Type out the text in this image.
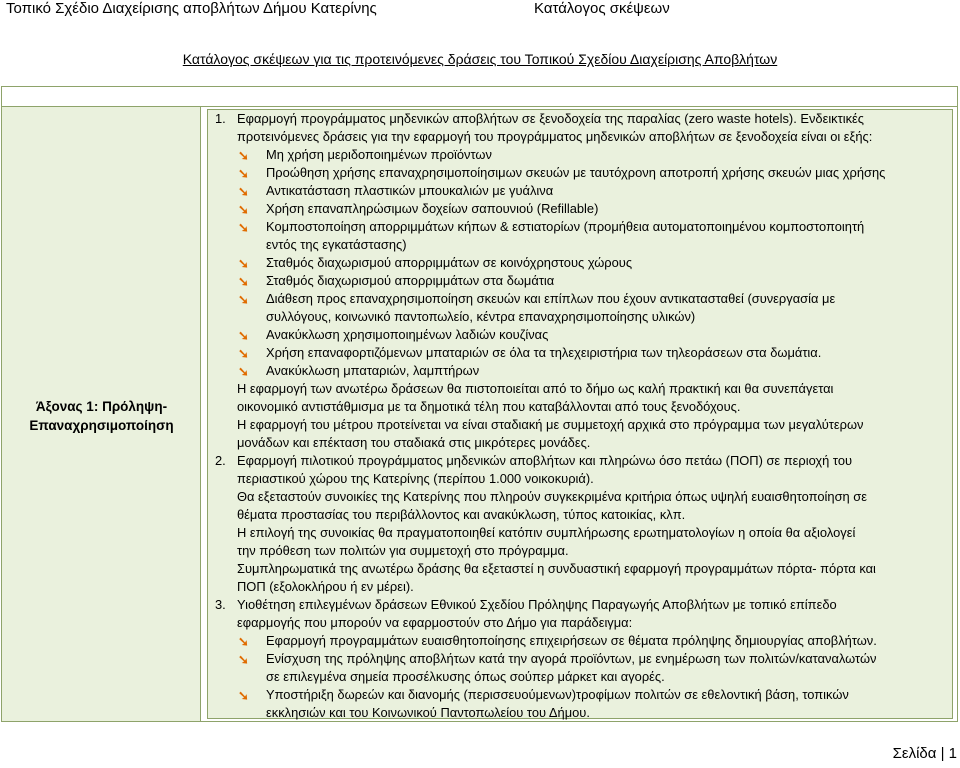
Τοπικό Σχέδιο Διαχείρισης αποβλήτων Δήμου Κατερίνης	Κατάλογος σκέψεων
Κατάλογος σκέψεων για τις προτεινόμενες δράσεις του Τοπικού Σχεδίου Διαχείρισης Αποβλήτων
Άξονας 1: Πρόληψη-
Επαναχρησιμοποίηση
1. Εφαρμογή προγράμματος μηδενικών αποβλήτων σε ξενοδοχεία της παραλίας (zero waste hotels). Ενδεικτικές
προτεινόμενες δράσεις για την εφαρμογή του προγράμματος μηδενικών αποβλήτων σε ξενοδοχεία είναι οι εξής:
➘ Μη χρήση μεριδοποιημένων προϊόντων
➘ Προώθηση χρήσης επαναχρησιμοποίησιμων σκευών με ταυτόχρονη αποτροπή χρήσης σκευών μιας χρήσης
➘ Αντικατάσταση πλαστικών μπουκαλιών με γυάλινα
➘ Χρήση επαναπληρώσιμων δοχείων σαπουνιού (Refillable)
➘ Κομποστοποίηση απορριμμάτων κήπων & εστιατορίων (προμήθεια αυτοματοποιημένου κομποστοποιητή
εντός της εγκατάστασης)
➘ Σταθμός διαχωρισμού απορριμμάτων σε κοινόχρηστους χώρους
➘ Σταθμός διαχωρισμού απορριμμάτων στα δωμάτια
➘ Διάθεση προς επαναχρησιμοποίηση σκευών και επίπλων που έχουν αντικατασταθεί (συνεργασία με
συλλόγους, κοινωνικό παντοπωλείο, κέντρα επαναχρησιμοποίησης υλικών)
➘ Ανακύκλωση χρησιμοποιημένων λαδιών κουζίνας
➘ Χρήση επαναφορτιζόμενων μπαταριών σε όλα τα τηλεχειριστήρια των τηλεοράσεων στα δωμάτια.
➘ Ανακύκλωση μπαταριών, λαμπτήρων
Η εφαρμογή των ανωτέρω δράσεων θα πιστοποιείται από το δήμο ως καλή πρακτική και θα συνεπάγεται
οικονομικό αντιστάθμισμα με τα δημοτικά τέλη που καταβάλλονται από τους ξενοδόχους.
Η εφαρμογή του μέτρου προτείνεται να είναι σταδιακή με συμμετοχή αρχικά στο πρόγραμμα των μεγαλύτερων
μονάδων και επέκταση του σταδιακά στις μικρότερες μονάδες.
2. Εφαρμογή πιλοτικού προγράμματος μηδενικών αποβλήτων και πληρώνω όσο πετάω (ΠΟΠ) σε περιοχή του
περιαστικού χώρου της Κατερίνης (περίπου 1.000 νοικοκυριά).
Θα εξεταστούν συνοικίες της Κατερίνης που πληρούν συγκεκριμένα κριτήρια όπως υψηλή ευαισθητοποίηση σε
θέματα προστασίας του περιβάλλοντος και ανακύκλωση, τύπος κατοικίας, κλπ.
Η επιλογή της συνοικίας θα πραγματοποιηθεί κατόπιν συμπλήρωσης ερωτηματολογίων η οποία θα αξιολογεί
την πρόθεση των πολιτών για συμμετοχή στο πρόγραμμα.
Συμπληρωματικά της ανωτέρω δράσης θα εξεταστεί η συνδυαστική εφαρμογή προγραμμάτων πόρτα- πόρτα και
ΠΟΠ (εξολοκλήρου ή εν μέρει).
3. Υιοθέτηση επιλεγμένων δράσεων Εθνικού Σχεδίου Πρόληψης Παραγωγής Αποβλήτων με τοπικό επίπεδο
εφαρμογής που μπορούν να εφαρμοστούν στο Δήμο για παράδειγμα:
➘ Εφαρμογή προγραμμάτων ευαισθητοποίησης επιχειρήσεων σε θέματα πρόληψης δημιουργίας αποβλήτων.
➘ Ενίσχυση της πρόληψης αποβλήτων κατά την αγορά προϊόντων, με ενημέρωση των πολιτών/καταναλωτών
σε επιλεγμένα σημεία προσέλκυσης όπως σούπερ μάρκετ και αγορές.
➘ Υποστήριξη δωρεών και διανομής (περισσευούμενων)τροφίμων πολιτών σε εθελοντική βάση, τοπικών
εκκλησιών και του Κοινωνικού Παντοπωλείου του Δήμου.
Σελίδα | 1
